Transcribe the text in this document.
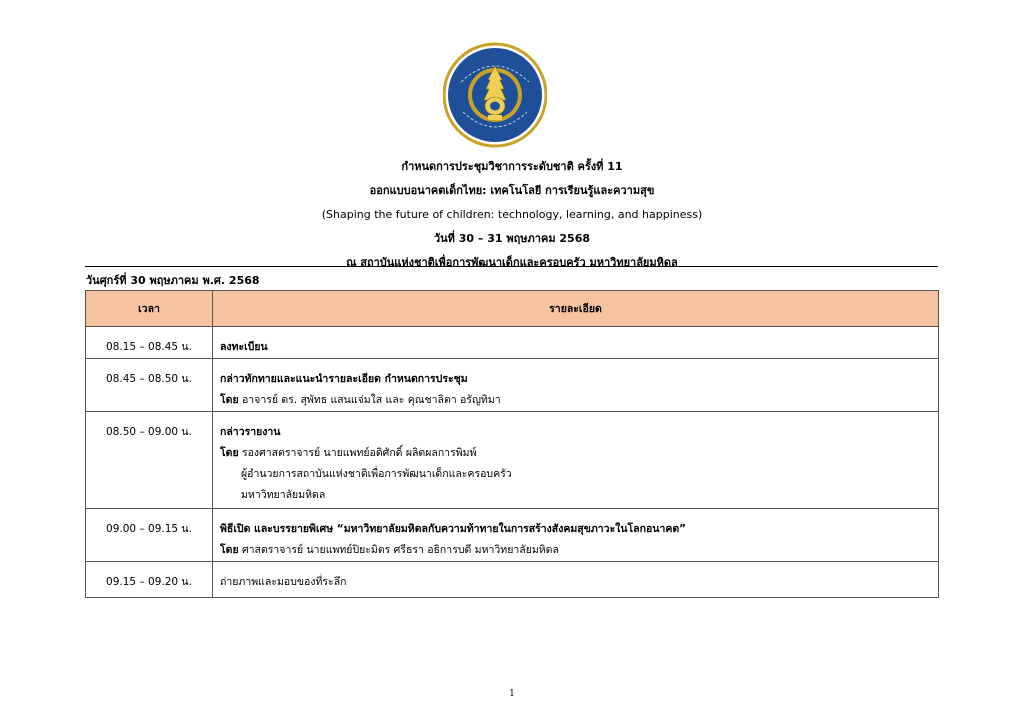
กำหนดการประชุมวิชาการระดับชาติ ครั้งที่ 11
ออกแบบอนาคตเด็กไทย: เทคโนโลยี การเรียนรู้และความสุข
(Shaping the future of children: technology, learning, and happiness)
วันที่ 30 – 31 พฤษภาคม 2568
ณ สถาบันแห่งชาติเพื่อการพัฒนาเด็กและครอบครัว มหาวิทยาลัยมหิดล
วันศุกร์ที่ 30 พฤษภาคม พ.ศ. 2568
เวลา	รายละเอียด
08.15 – 08.45 น.	ลงทะเบียน

08.45 – 08.50 น.	กล่าวทักทายและแนะนำรายละเอียด กำหนดการประชุม
โดย อาจารย์ ดร. สุพัทธ แสนแจ่มใส และ คุณชาลิตา อรัญทิมา

08.50 – 09.00 น.	กล่าวรายงาน
โดย รองศาสตราจารย์ นายแพทย์อดิศักดิ์ ผลิตผลการพิมพ์
ผู้อำนวยการสถาบันแห่งชาติเพื่อการพัฒนาเด็กและครอบครัว
มหาวิทยาลัยมหิดล

09.00 – 09.15 น.	พิธีเปิด และบรรยายพิเศษ “มหาวิทยาลัยมหิดลกับความท้าทายในการสร้างสังคมสุขภาวะในโลกอนาคต”
โดย ศาสตราจารย์ นายแพทย์ปิยะมิตร ศรีธรา อธิการบดี มหาวิทยาลัยมหิดล

09.15 – 09.20 น.	ถ่ายภาพและมอบของที่ระลึก
1
